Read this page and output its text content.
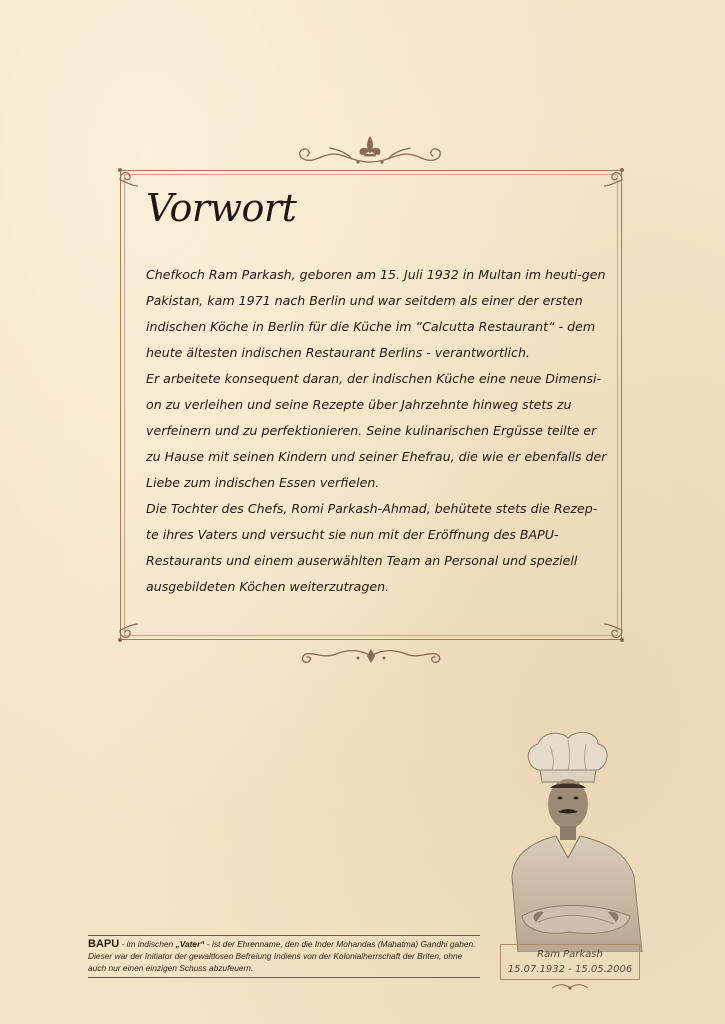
Vorwort

Chefkoch Ram Parkash, geboren am 15. Juli 1932 in Multan im heuti-gen Pakistan, kam 1971 nach Berlin und war seitdem als einer der ersten indischen Köche in Berlin für die Küche im “Calcutta Restaurant“ - dem heute ältesten indischen Restaurant Berlins - verantwortlich.

Er arbeitete konsequent daran, der indischen Küche eine neue Dimensi-on zu verleihen und seine Rezepte über Jahrzehnte hinweg stets zu verfeinern und zu perfektionieren. Seine kulinarischen Ergüsse teilte er zu Hause mit seinen Kindern und seiner Ehefrau, die wie er ebenfalls der Liebe zum indischen Essen verfielen.

Die Tochter des Chefs, Romi Parkash-Ahmad, behütete stets die Rezep-te ihres Vaters und versucht sie nun mit der Eröffnung des BAPU-Restaurants und einem auserwählten Team an Personal und speziell ausgebildeten Köchen weiterzutragen.

Ram Parkash
15.07.1932 - 15.05.2006
BAPU - im indischen „Vater“ - ist der Ehrenname, den die Inder Mohandas (Mahatma) Gandhi gaben. Dieser war der Initiator der gewaltlosen Befreiung Indiens von der Kolonialherrschaft der Briten, ohne auch nur einen einzigen Schuss abzufeuern.
